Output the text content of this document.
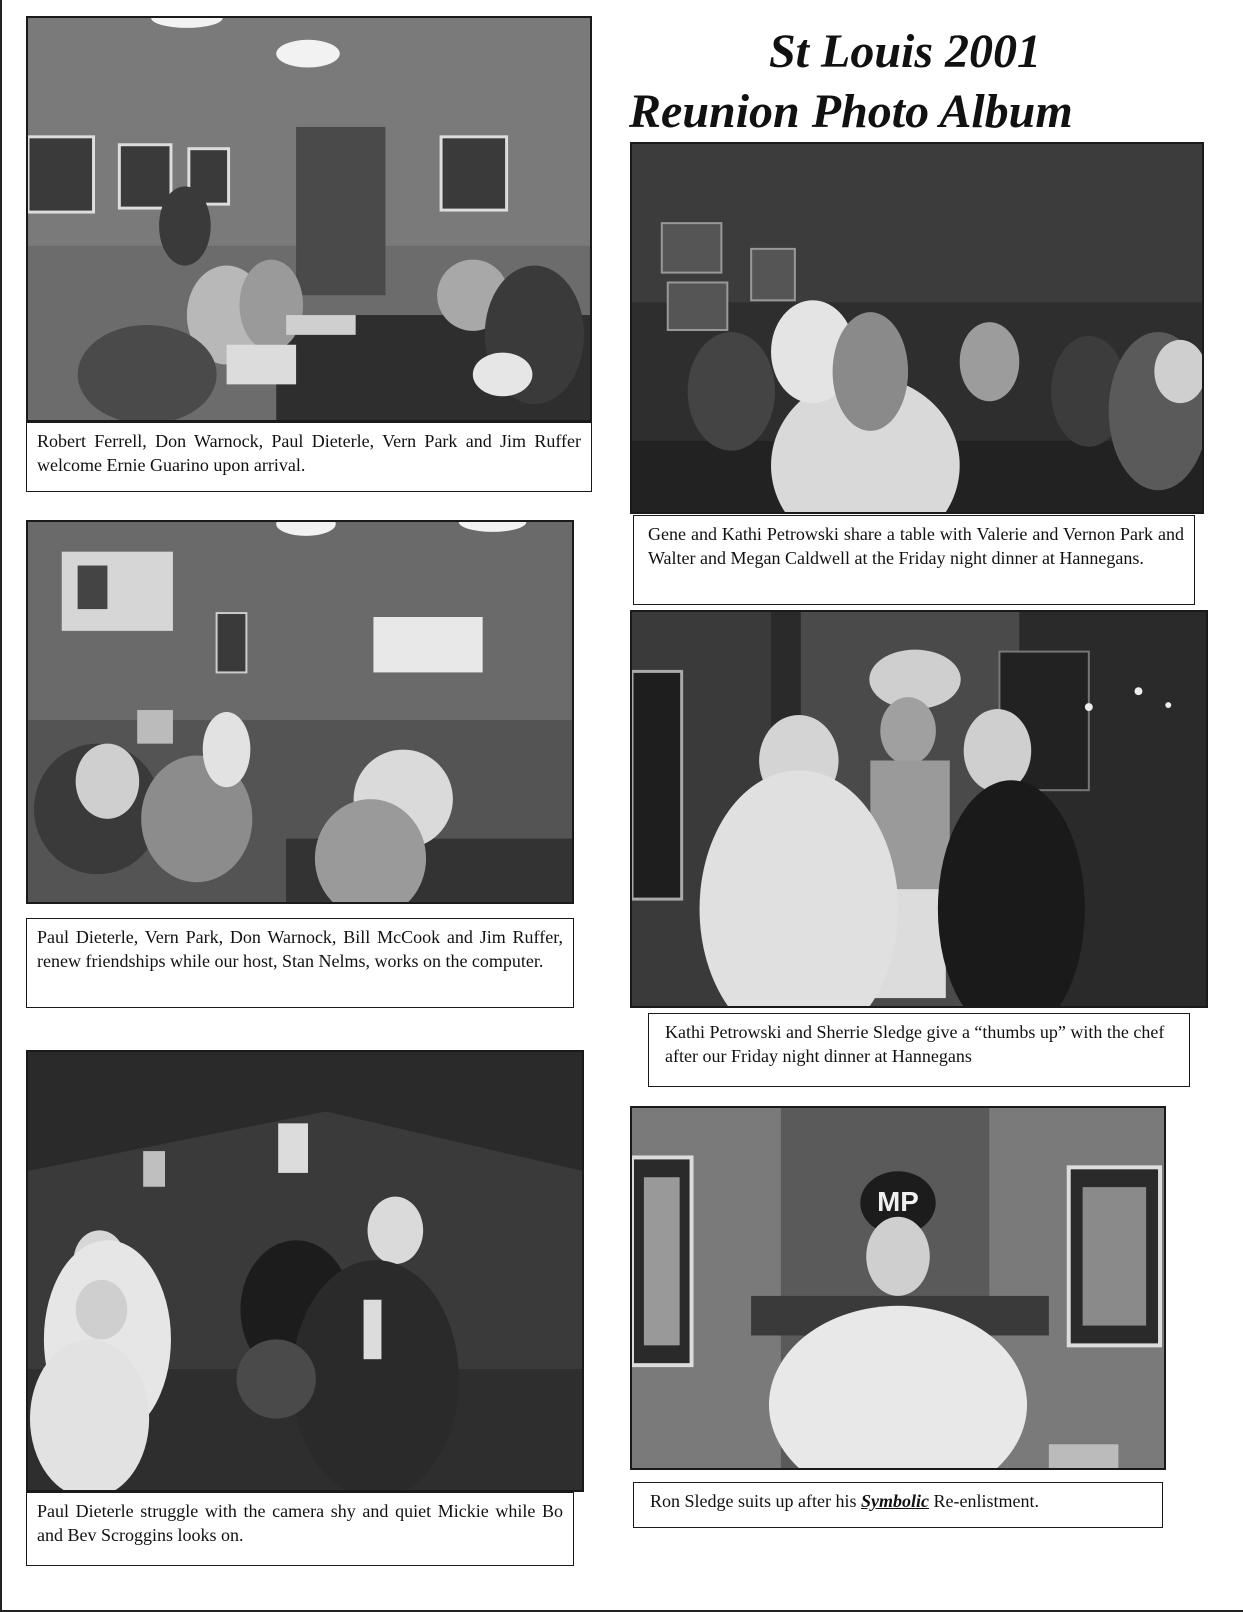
St Louis 2001
Reunion Photo Album
Robert Ferrell, Don Warnock, Paul Dieterle, Vern Park and Jim Ruffer welcome Ernie Guarino upon arrival.
Gene and Kathi Petrowski share a table with Valerie and Vernon Park and Walter and Megan Caldwell at the Friday night dinner at Hannegans.
Paul Dieterle, Vern Park, Don Warnock, Bill McCook and Jim Ruffer, renew friendships while our host, Stan Nelms, works on the computer.
Kathi Petrowski and Sherrie Sledge give a “thumbs up” with the chef after our Friday night dinner at Hannegans
Paul Dieterle struggle with the camera shy and quiet Mickie while Bo and Bev Scroggins looks on.
MP
Ron Sledge suits up after his Symbolic Re-enlistment.
